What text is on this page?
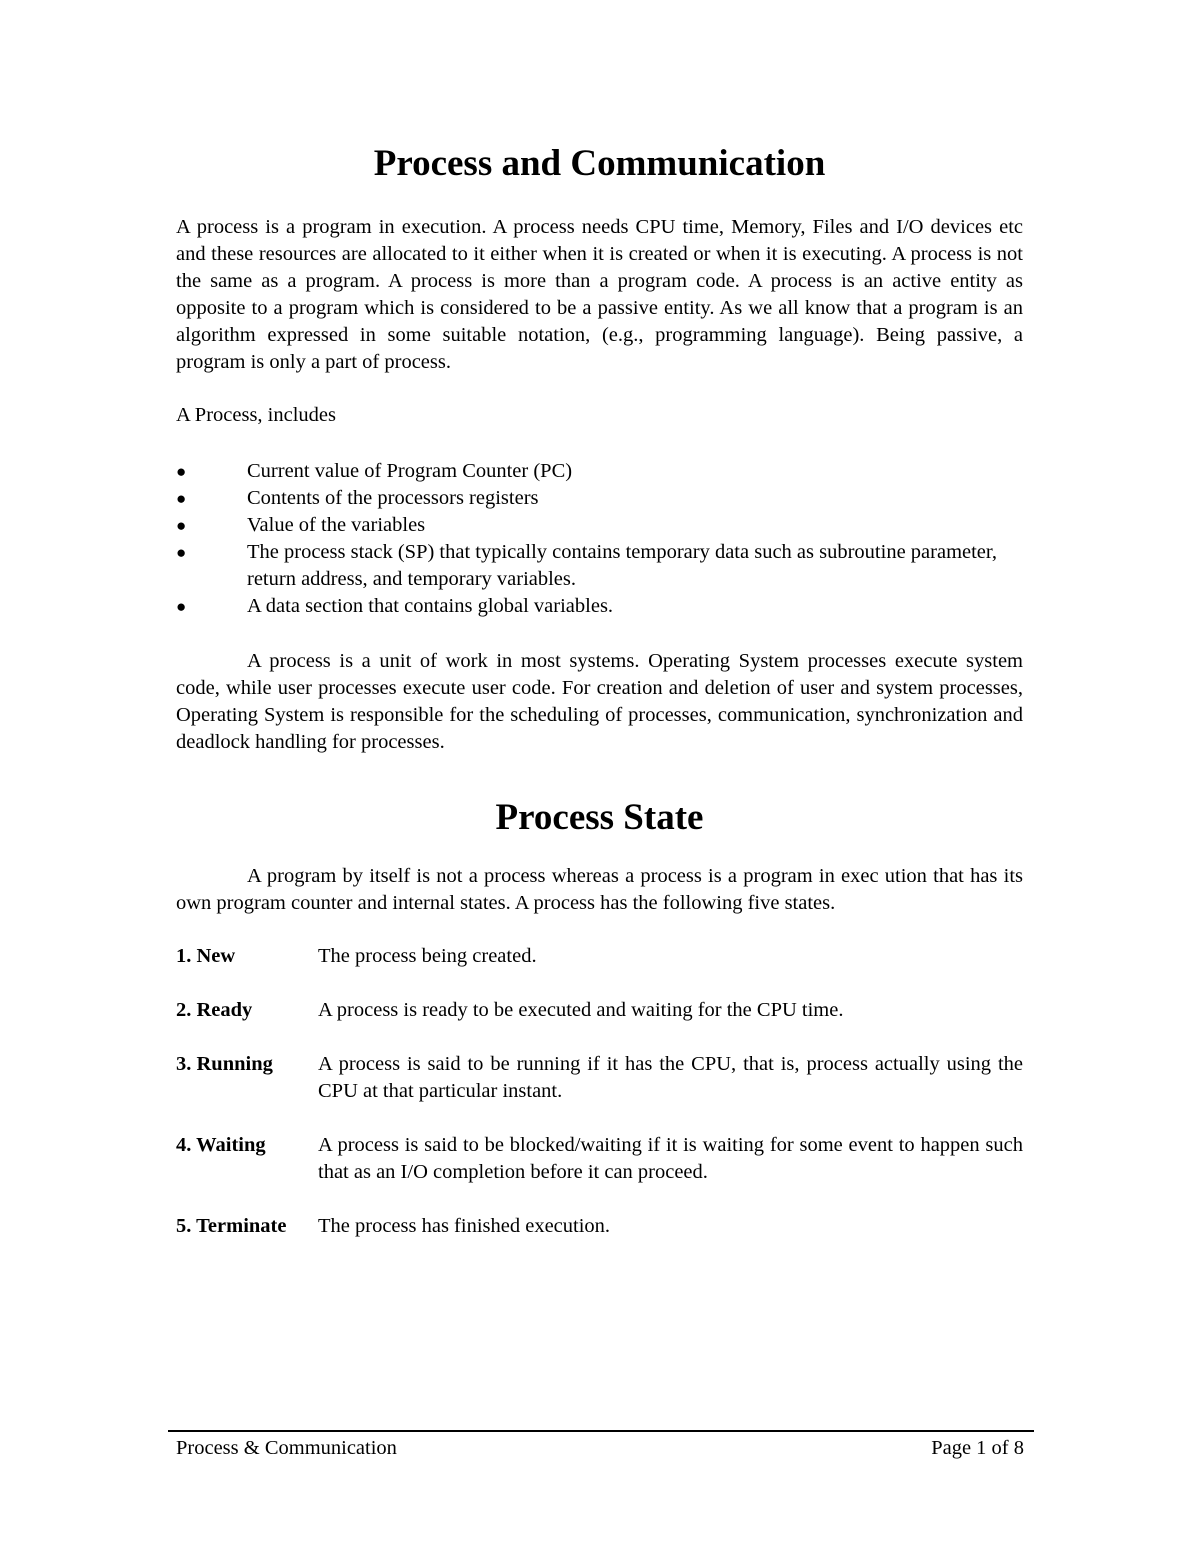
Process and Communication

A process is a program in execution. A process needs CPU time, Memory, Files and I/O devices etc and these resources are allocated to it either when it is created or when it is executing. A process is not the same as a program. A process is more than a program code. A process is an active entity as opposite to a program which is considered to be a passive entity. As we all know that a program is an algorithm expressed in some suitable notation, (e.g., programming language). Being passive, a program is only a part of process.

A Process, includes

●	Current value of Program Counter (PC)
●	Contents of the processors registers
●	Value of the variables
●	The process stack (SP) that typically contains temporary data such as subroutine parameter, return address, and temporary variables.
●	A data section that contains global variables.

A process is a unit of work in most systems. Operating System processes execute system code, while user processes execute user code. For creation and deletion of user and system processes, Operating System is responsible for the scheduling of processes, communication, synchronization and deadlock handling for processes.

Process State

A program by itself is not a process whereas a process is a program in exec ution that has its own program counter and internal states. A process has the following five states.

1. New	The process being created.
2. Ready	A process is ready to be executed and waiting for the CPU time.
3. Running	A process is said to be running if it has the CPU, that is, process actually using the CPU at that particular instant.
4. Waiting	A process is said to be blocked/waiting if it is waiting for some event to happen such that as an I/O completion before it can proceed.
5. Terminate	The process has finished execution.
Process & Communication	Page 1 of 8
